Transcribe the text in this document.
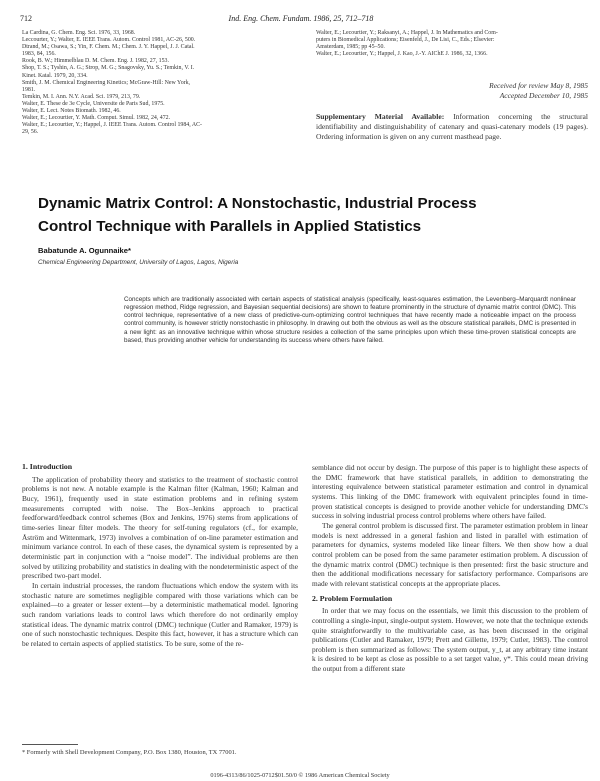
712	Ind. Eng. Chem. Fundam. 1986, 25, 712–718
La Cardina, G. Chem. Eng. Sci. 1976, 33, 1968.
Leccourter, Y.; Walter, E. IEEE Trans. Autom. Control 1981, AC-26, 500.
Dtrand, M.; Osawa, S.; Yin, F. Chem. M.; Chem. J. Y. Happel, J. J. Catal.
1983, 84, 156.
Rook, B. W.; Himmelblau D. M. Chem. Eng. J. 1982, 27, 153.
Shop, T. S.; Tyshin, A. G.; Strop, M. G.; Snagovsky, Yu. S.; Temkin, V. I.
Kinet. Katal. 1979, 20, 334.
Smith, J. M. Chemical Engineering Kinetics; McGraw-Hill: New York,
1981.
Temkin, M. I. Ann. N.Y. Acad. Sci. 1979, 213, 79.
Walter, E. These de 3e Cycle, Universite de Paris Sud, 1975.
Walter, E. Lect. Notes Biomath. 1982, 46.
Walter, E.; Lecourtier, Y. Math. Comput. Simul. 1982, 24, 472.
Walter, E.; Lecourtier, Y.; Happel, J. IEEE Trans. Autom. Control 1984, AC-
29, 56.
Walter, E.; Lecourtier, Y.; Raksanyi, A.; Happel, J. In Mathematics and Com-
puters in Biomedical Applications; Eisenfeld, J., De Lisi, C., Eds.; Elsevier:
Amsterdam, 1985; pp 45–50.
Walter, E.; Lecourtier, Y.; Happel, J. Kao, J.-Y. AIChE J. 1986, 32, 1366.
Received for review May 8, 1985
Accepted December 10, 1985
Supplementary Material Available: Information concerning the structural identifiability and distinguishability of catenary and quasi-catenary models (19 pages). Ordering information is given on any current masthead page.
Dynamic Matrix Control: A Nonstochastic, Industrial Process
Control Technique with Parallels in Applied Statistics
Babatunde A. Ogunnaike*
Chemical Engineering Department, University of Lagos, Lagos, Nigeria
Concepts which are traditionally associated with certain aspects of statistical analysis (specifically, least-squares estimation, the Levenberg–Marquardt nonlinear regression method, Ridge regression, and Bayesian sequential decisions) are shown to feature prominently in the structure of dynamic matrix control (DMC). This control technique, representative of a new class of predictive-cum-optimizing control techniques that have recently made a noticeable impact on the process control community, is however strictly nonstochastic in philosophy. In drawing out both the obvious as well as the obscure statistical parallels, DMC is presented in a new light: as an innovative technique within whose structure resides a collection of the same principles upon which these time-proven statistical concepts are based, thus providing another vehicle for understanding its success where others have failed.
1. Introduction

The application of probability theory and statistics to the treatment of stochastic control problems is not new. A notable example is the Kalman filter (Kalman, 1960; Kalman and Bucy, 1961), frequently used in state estimation problems and in refining system measurements corrupted with noise. The Box–Jenkins approach to practical feedforward/feedback control schemes (Box and Jenkins, 1976) stems from applications of time-series linear filter models. The theory for self-tuning regulators (cf., for example, Åström and Wittenmark, 1973) involves a combination of on-line parameter estimation and minimum variance control. In each of these cases, the dynamical system is represented by a deterministic part in conjunction with a “noise model”. The individual problems are then solved by utilizing probability and statistics in dealing with the nondeterministic aspect of the prescribed two-part model.

In certain industrial processes, the random fluctuations which endow the system with its stochastic nature are sometimes negligible compared with those variations which can be explained—to a greater or lesser extent—by a deterministic mathematical model. Ignoring such random variations leads to control laws which therefore do not ordinarily employ statistical ideas. The dynamic matrix control (DMC) technique (Cutler and Ramaker, 1979) is one of such nonstochastic techniques. Despite this fact, however, it has a structure which can be related to certain aspects of applied statistics. To be sure, some of the re-

semblance did not occur by design. The purpose of this paper is to highlight these aspects of the DMC framework that have statistical parallels, in addition to demonstrating the interesting equivalence between statistical parameter estimation and control in dynamical systems. This linking of the DMC framework with equivalent principles found in time-proven statistical concepts is designed to provide another vehicle for understanding DMC's success in solving industrial process control problems where others have failed.

The general control problem is discussed first. The parameter estimation problem in linear models is next addressed in a general fashion and listed in parallel with estimation of parameters for dynamics, systems modeled like linear filters. We then show how a dual control problem can be posed from the same parameter estimation problem. A discussion of the dynamic matrix control (DMC) technique is then presented: first the basic structure and then the additional modifications necessary for satisfactory performance. Comparisons are made with relevant statistical concepts at the appropriate places.

2. Problem Formulation

In order that we may focus on the essentials, we limit this discussion to the problem of controlling a single-input, single-output system. However, we note that the technique extends quite straightforwardly to the multivariable case, as has been discussed in the original publications (Cutler and Ramaker, 1979; Prett and Gillette, 1979; Cutler, 1983). The control problem is then summarized as follows: The system output, y_t, at any arbitrary time instant k is desired to be kept as close as possible to a set target value, y*. This could mean driving the output from a different state

* Formerly with Shell Development Company, P.O. Box 1380, Houston, TX 77001.
0196-4313/86/1025-0712$01.50/0 © 1986 American Chemical Society
